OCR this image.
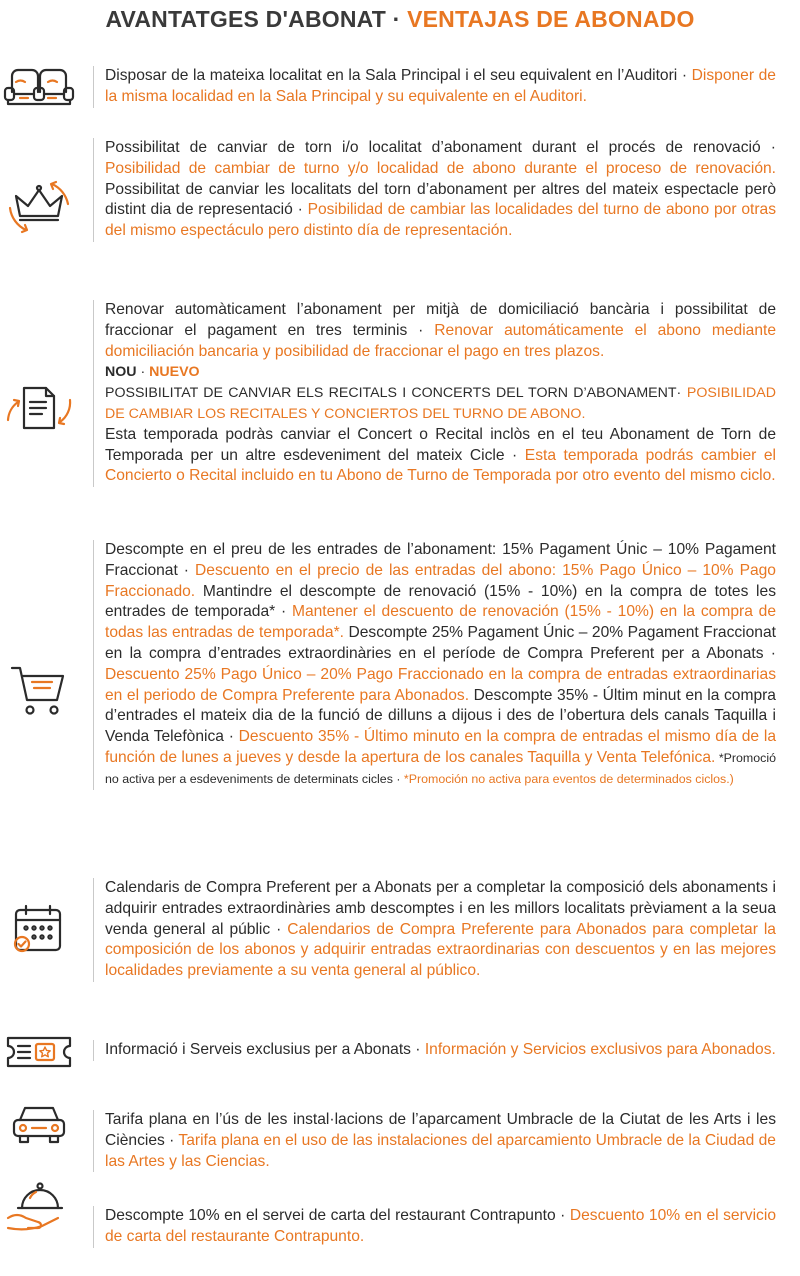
AVANTATGES D'ABONAT · VENTAJAS DE ABONADO
Disposar de la mateixa localitat en la Sala Principal i el seu equivalent en l’Auditori · Disponer de la misma localidad en la Sala Principal y su equivalente en el Auditori.
Possibilitat de canviar de torn i/o localitat d’abonament durant el procés de renovació · Posibilidad de cambiar de turno y/o localidad de abono durante el proceso de renovación. Possibilitat de canviar les localitats del torn d’abonament per altres del mateix espectacle però distint dia de representació · Posibilidad de cambiar las localidades del turno de abono por otras del mismo espectáculo pero distinto día de representación.
Renovar automàticament l’abonament per mitjà de domiciliació bancària i possibilitat de fraccionar el pagament en tres terminis · Renovar automáticamente el abono mediante domiciliación bancaria y posibilidad de fraccionar el pago en tres plazos.
NOU · NUEVO
POSSIBILITAT DE CANVIAR ELS RECITALS I CONCERTS DEL TORN D’ABONAMENT· POSIBILIDAD DE CAMBIAR LOS RECITALES Y CONCIERTOS DEL TURNO DE ABONO.
Esta temporada podràs canviar el Concert o Recital inclòs en el teu Abonament de Torn de Temporada per un altre esdeveniment del mateix Cicle · Esta temporada podrás cambier el Concierto o Recital incluido en tu Abono de Turno de Temporada por otro evento del mismo ciclo.
Descompte en el preu de les entrades de l’abonament: 15% Pagament Únic – 10% Pagament Fraccionat · Descuento en el precio de las entradas del abono: 15% Pago Único – 10% Pago Fraccionado. Mantindre el descompte de renovació (15% - 10%) en la compra de totes les entrades de temporada* · Mantener el descuento de renovación (15% - 10%) en la compra de todas las entradas de temporada*. Descompte 25% Pagament Únic – 20% Pagament Fraccionat en la compra d’entrades extraordinàries en el període de Compra Preferent per a Abonats · Descuento 25% Pago Único – 20% Pago Fraccionado en la compra de entradas extraordinarias en el periodo de Compra Preferente para Abonados. Descompte 35% - Últim minut en la compra d’entrades el mateix dia de la funció de dilluns a dijous i des de l’obertura dels canals Taquilla i Venda Telefònica · Descuento 35% - Último minuto en la compra de entradas el mismo día de la función de lunes a jueves y desde la apertura de los canales Taquilla y Venta Telefónica. *Promoció no activa per a esdeveniments de determinats cicles · *Promoción no activa para eventos de determinados ciclos.)
Calendaris de Compra Preferent per a Abonats per a completar la composició dels abonaments i adquirir entrades extraordinàries amb descomptes i en les millors localitats prèviament a la seua venda general al públic · Calendarios de Compra Preferente para Abonados para completar la composición de los abonos y adquirir entradas extraordinarias con descuentos y en las mejores localidades previamente a su venta general al público.
Informació i Serveis exclusius per a Abonats · Información y Servicios exclusivos para Abonados.
Tarifa plana en l’ús de les instal·lacions de l’aparcament Umbracle de la Ciutat de les Arts i les Ciències · Tarifa plana en el uso de las instalaciones del aparcamiento Umbracle de la Ciudad de las Artes y las Ciencias.
Descompte 10% en el servei de carta del restaurant Contrapunto · Descuento 10% en el servicio de carta del restaurante Contrapunto.
